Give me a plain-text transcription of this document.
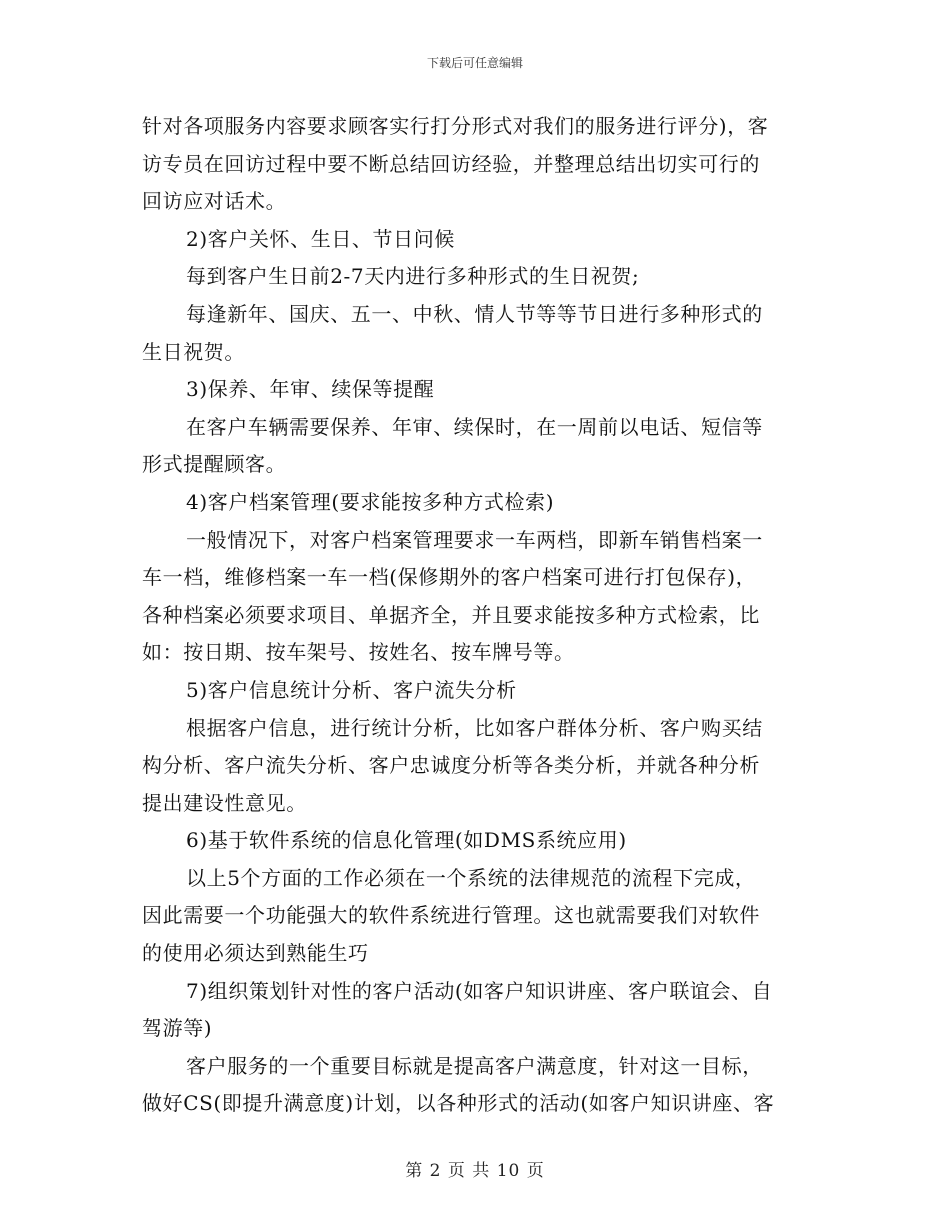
下载后可任意编辑
针对各项服务内容要求顾客实行打分形式对我们的服务进行评分)，客
访专员在回访过程中要不断总结回访经验，并整理总结出切实可行的
回访应对话术。
2)客户关怀、生日、节日问候
每到客户生日前2-7天内进行多种形式的生日祝贺;
每逢新年、国庆、五一、中秋、情人节等等节日进行多种形式的
生日祝贺。
3)保养、年审、续保等提醒
在客户车辆需要保养、年审、续保时，在一周前以电话、短信等
形式提醒顾客。
4)客户档案管理(要求能按多种方式检索)
一般情况下，对客户档案管理要求一车两档，即新车销售档案一
车一档，维修档案一车一档(保修期外的客户档案可进行打包保存)，
各种档案必须要求项目、单据齐全，并且要求能按多种方式检索，比
如：按日期、按车架号、按姓名、按车牌号等。
5)客户信息统计分析、客户流失分析
根据客户信息，进行统计分析，比如客户群体分析、客户购买结
构分析、客户流失分析、客户忠诚度分析等各类分析，并就各种分析
提出建设性意见。
6)基于软件系统的信息化管理(如DMS系统应用)
以上5个方面的工作必须在一个系统的法律规范的流程下完成，
因此需要一个功能强大的软件系统进行管理。这也就需要我们对软件
的使用必须达到熟能生巧
7)组织策划针对性的客户活动(如客户知识讲座、客户联谊会、自
驾游等)
客户服务的一个重要目标就是提高客户满意度，针对这一目标，
做好CS(即提升满意度)计划，以各种形式的活动(如客户知识讲座、客
第 2 页 共 10 页
